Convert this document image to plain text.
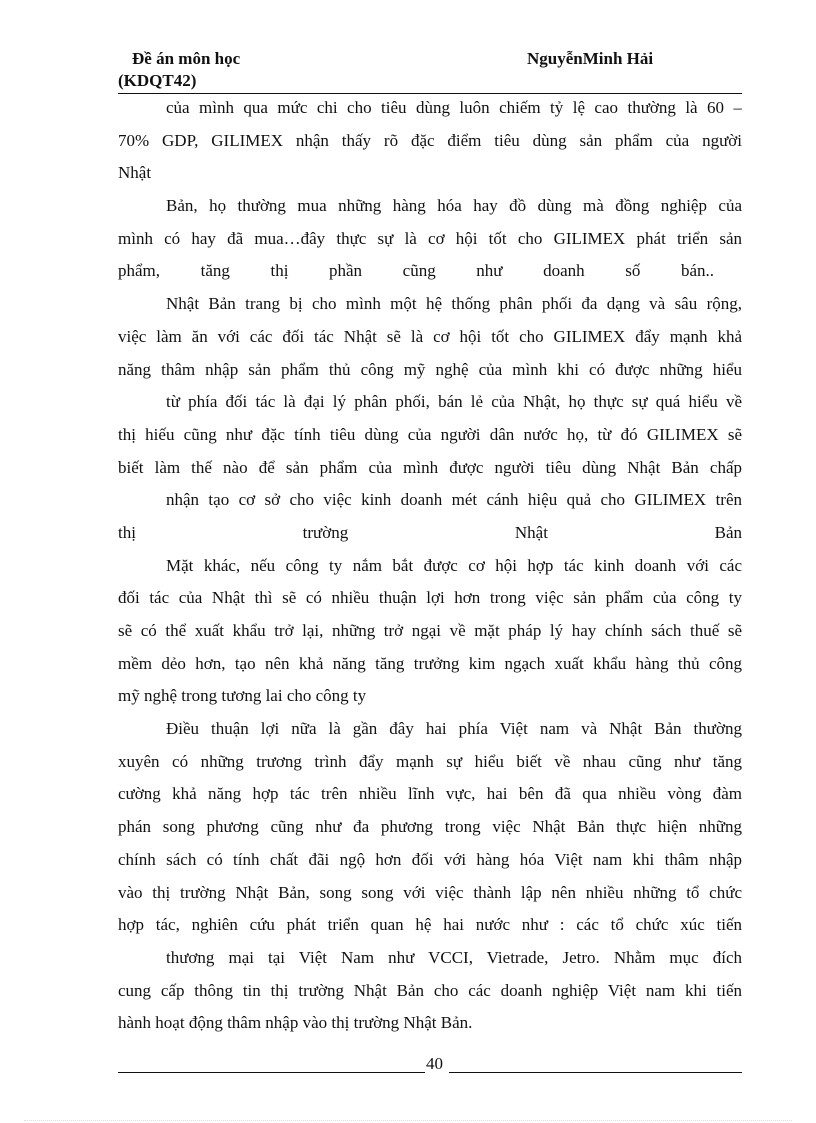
Đề án môn học
(KDQT42)
NguyễnMinh Hải
của mình qua mức chi cho tiêu dùng luôn chiếm tỷ lệ cao thường là 60 –
70% GDP, GILIMEX nhận thấy rõ đặc điểm tiêu dùng sản phẩm của người
Nhật
Bản, họ thường mua những hàng hóa hay đồ dùng mà đồng nghiệp của
mình có hay đã mua…đây thực sự là cơ hội tốt cho GILIMEX phát triển sản
phẩm, tăng thị phần cũng như doanh số bán..
Nhật Bản trang bị cho mình một hệ thống phân phối đa dạng và sâu rộng,
việc làm ăn với các đối tác Nhật sẽ là cơ hội tốt cho GILIMEX đẩy mạnh khả
năng thâm nhập sản phẩm thủ công mỹ nghệ của mình khi có được những hiểu
từ phía đối tác là đại lý phân phối, bán lẻ của Nhật, họ thực sự quá hiểu về
thị hiếu cũng như đặc tính tiêu dùng của người dân nước họ, từ đó GILIMEX sẽ
biết làm thế nào để sản phẩm của mình được người tiêu dùng Nhật Bản chấp
nhận tạo cơ sở cho việc kinh doanh mét cánh hiệu quả cho GILIMEX trên
thị trường Nhật Bản
Mặt khác, nếu công ty nắm bắt được cơ hội hợp tác kinh doanh với các
đối tác của Nhật thì sẽ có nhiều thuận lợi hơn trong việc sản phẩm của công ty
sẽ có thể xuất khẩu trở lại, những trở ngại về mặt pháp lý hay chính sách thuế sẽ
mềm dẻo hơn, tạo nên khả năng tăng trưởng kim ngạch xuất khẩu hàng thủ công
mỹ nghệ trong tương lai cho công ty
Điều thuận lợi nữa là gần đây hai phía Việt nam và Nhật Bản thường
xuyên có những trương trình đẩy mạnh sự hiểu biết về nhau cũng như tăng
cường khả năng hợp tác trên nhiều lĩnh vực, hai bên đã qua nhiều vòng đàm
phán song phương cũng như đa phương trong việc Nhật Bản thực hiện những
chính sách có tính chất đãi ngộ hơn đối với hàng hóa Việt nam khi thâm nhập
vào thị trường Nhật Bản, song song với việc thành lập nên nhiều những tổ chức
hợp tác, nghiên cứu phát triển quan hệ hai nước như : các tổ chức xúc tiến
thương mại tại Việt Nam như VCCI, Vietrade, Jetro. Nhằm mục đích
cung cấp thông tin thị trường Nhật Bản cho các doanh nghiệp Việt nam khi tiến
hành hoạt động thâm nhập vào thị trường Nhật Bản.
40
